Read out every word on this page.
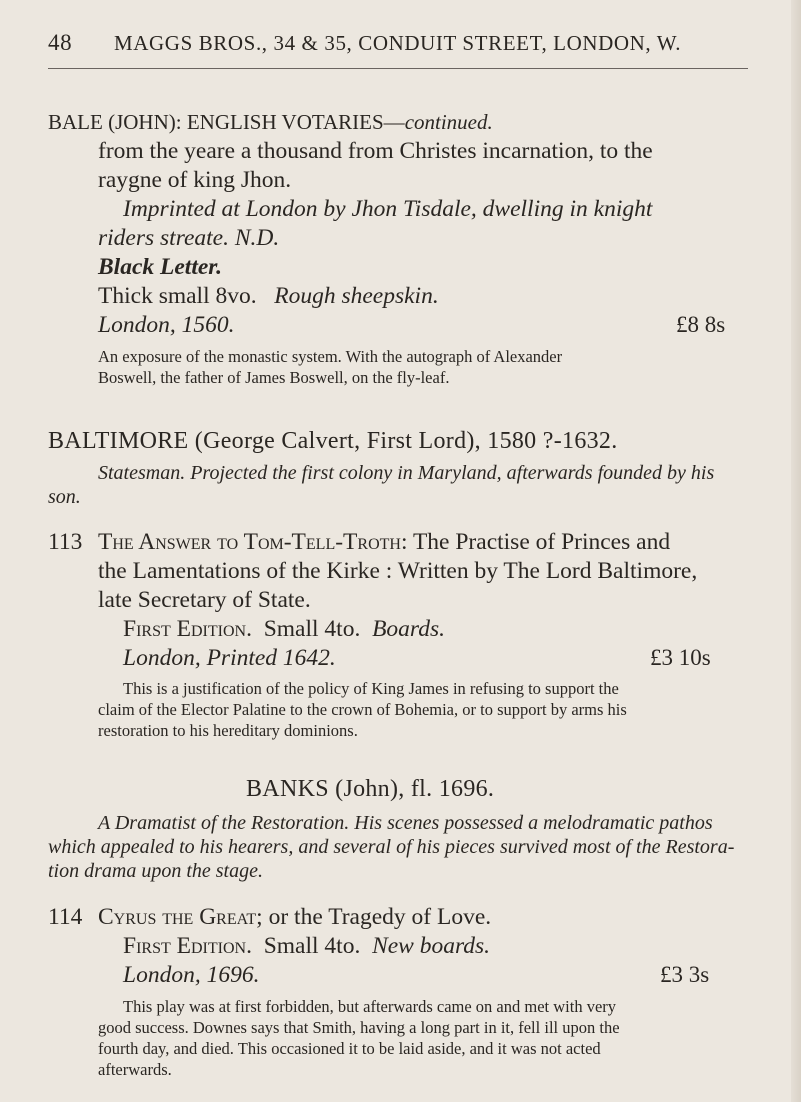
48 MAGGS BROS., 34 & 35, CONDUIT STREET, LONDON, W.
BALE (JOHN): ENGLISH VOTARIES—continued.
from the yeare a thousand from Christes incarnation, to the
raygne of king Jhon.
Imprinted at London by Jhon Tisdale, dwelling in knight
riders streate. N.D.
Black Letter.
Thick small 8vo. Rough sheepskin.
London, 1560.	£8 8s
An exposure of the monastic system. With the autograph of Alexander
Boswell, the father of James Boswell, on the fly-leaf.
BALTIMORE (George Calvert, First Lord), 1580 ?-1632.
Statesman. Projected the first colony in Maryland, afterwards founded by his
son.
113 The Answer to Tom-Tell-Troth: The Practise of Princes and
the Lamentations of the Kirke : Written by The Lord Baltimore,
late Secretary of State.
First Edition. Small 4to. Boards.
London, Printed 1642.	£3 10s
This is a justification of the policy of King James in refusing to support the
claim of the Elector Palatine to the crown of Bohemia, or to support by arms his
restoration to his hereditary dominions.
BANKS (John), fl. 1696.
A Dramatist of the Restoration. His scenes possessed a melodramatic pathos
which appealed to his hearers, and several of his pieces survived most of the Restora-
tion drama upon the stage.
114 Cyrus the Great; or the Tragedy of Love.
First Edition. Small 4to. New boards.
London, 1696.	£3 3s
This play was at first forbidden, but afterwards came on and met with very
good success. Downes says that Smith, having a long part in it, fell ill upon the
fourth day, and died. This occasioned it to be laid aside, and it was not acted
afterwards.
